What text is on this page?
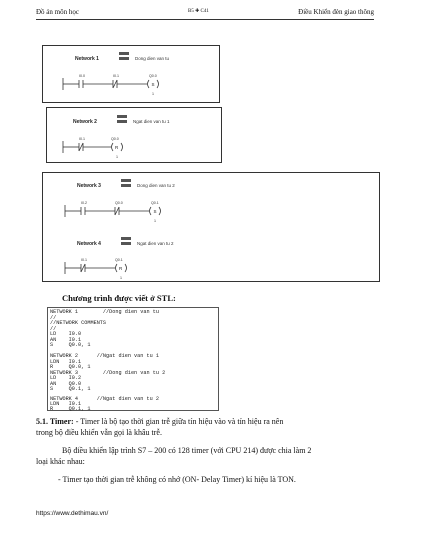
Đồ án môn học	B5 ✚ C41	Điều Khiển đèn giao thông
Network 1	Dong dien van tu
I0.0	I0.1	Q0.0
S
1
Network 2	Ngat dien van tu 1
I0.1	Q0.0
R
1
Network 3	Dong dien van tu 2
I0.2	Q0.0	Q0.1
S
1
Network 4	Ngat dien van tu 2
I0.1	Q0.1
R
1
Chương trình được viết ở STL:
NETWORK 1        //Dong dien van tu
//
//NETWORK COMMENTS
//
LD    I0.0
AN    I0.1
S     Q0.0, 1
NETWORK 2      //Ngat dien van tu 1
LDN   I0.1
R     Q0.0, 1
NETWORK 3        //Dong dien van tu 2
LD    I0.2
AN    Q0.0
S     Q0.1, 1
NETWORK 4      //Ngat dien van tu 2
LDN   I0.1
R     Q0.1, 1
5.1. Timer: - Timer là bộ tạo thời gian trễ giữa tín hiệu vào và tín hiệu ra nên
trong bộ điều khiển vẫn gọi là khâu trễ.
Bộ điều khiển lập trình S7 – 200 có 128 timer (với CPU 214) được chia làm 2
loại khác nhau:
- Timer tạo thời gian trễ không có nhớ (ON- Delay Timer) kí hiệu là TON.
https://www.dethimau.vn/
